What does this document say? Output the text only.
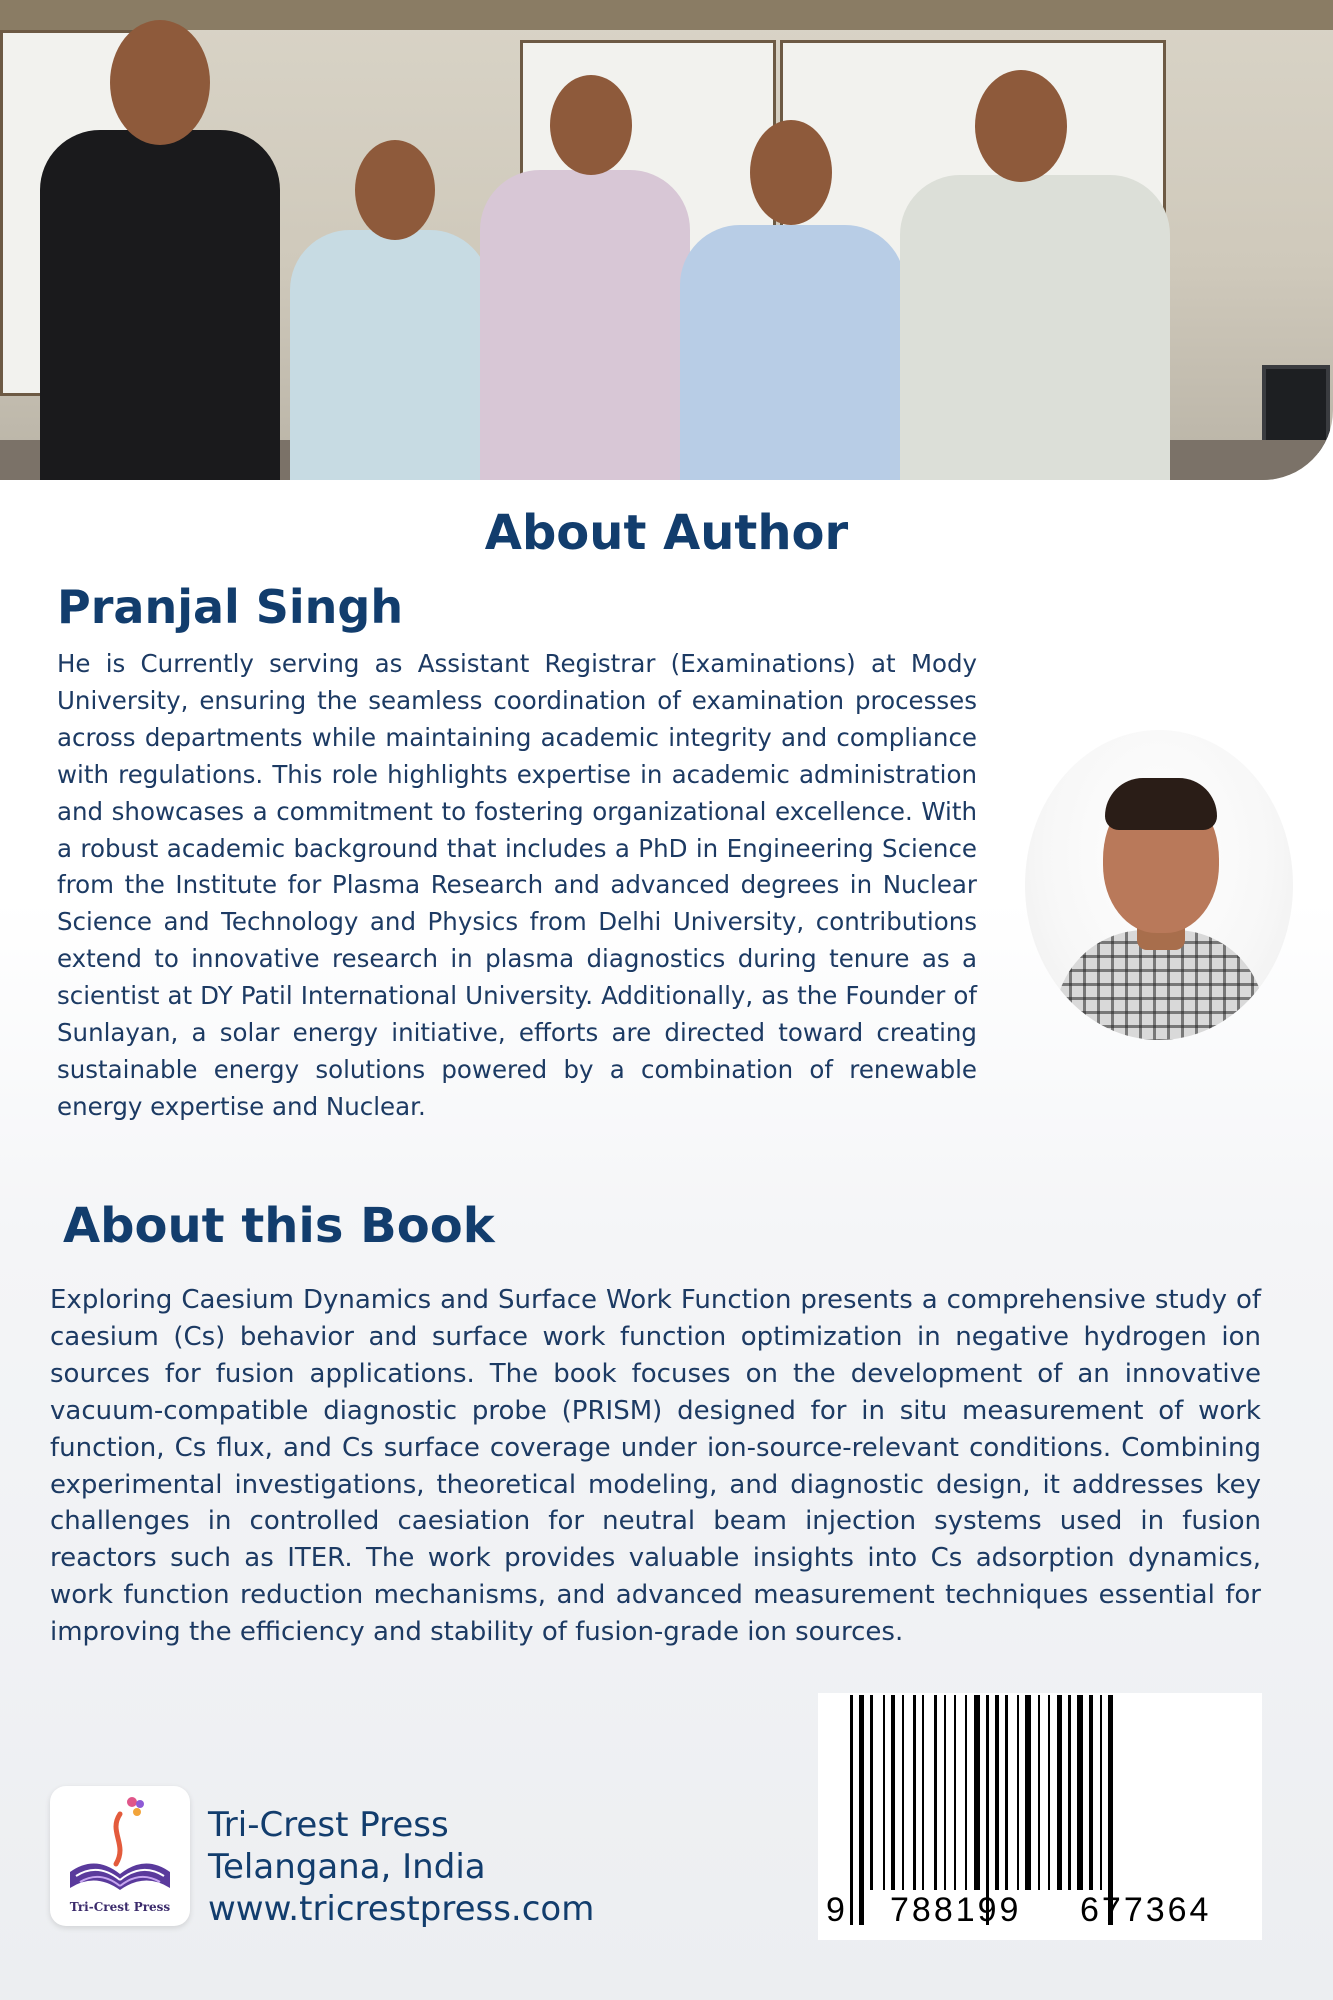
About Author
Pranjal Singh

He is Currently serving as Assistant Registrar (Examinations) at Mody University, ensuring the seamless coordination of examination processes across departments while maintaining academic integrity and compliance with regulations. This role highlights expertise in academic administration and showcases a commitment to fostering organizational excellence. With a robust academic background that includes a PhD in Engineering Science from the Institute for Plasma Research and advanced degrees in Nuclear Science and Technology and Physics from Delhi University, contributions extend to innovative research in plasma diagnostics during tenure as a scientist at DY Patil International University. Additionally, as the Founder of Sunlayan, a solar energy initiative, efforts are directed toward creating sustainable energy solutions powered by a combination of renewable energy expertise and Nuclear.

About this Book

Exploring Caesium Dynamics and Surface Work Function presents a comprehensive study of caesium (Cs) behavior and surface work function optimization in negative hydrogen ion sources for fusion applications. The book focuses on the development of an innovative vacuum-compatible diagnostic probe (PRISM) designed for in situ measurement of work function, Cs flux, and Cs surface coverage under ion-source-relevant conditions. Combining experimental investigations, theoretical modeling, and diagnostic design, it addresses key challenges in controlled caesiation for neutral beam injection systems used in fusion reactors such as ITER. The work provides valuable insights into Cs adsorption dynamics, work function reduction mechanisms, and advanced measurement techniques essential for improving the efficiency and stability of fusion-grade ion sources.

Tri-Crest Press
Tri-Crest Press
Telangana, India
www.tricrestpress.com	9 788199 677364
